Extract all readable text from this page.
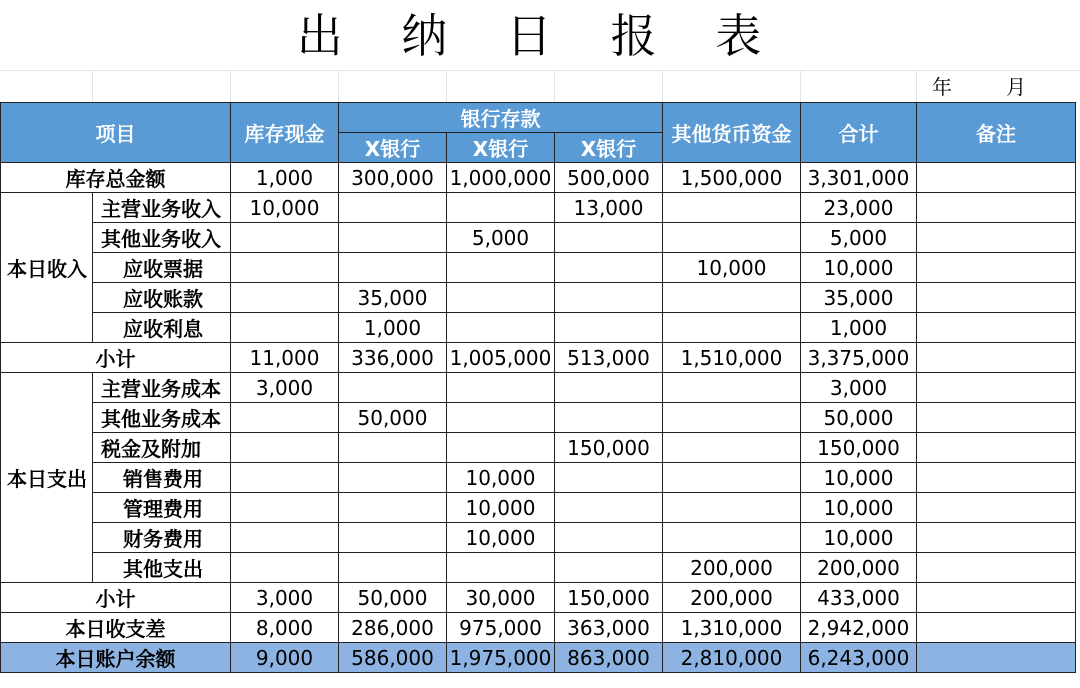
出 纳 日 报 表
年	月
项目		库存现金	银行存款			其他货币资金	合计	备注
			X银行	X银行	X银行			
库存总金额		1,000	300,000	1,000,000	500,000	1,500,000	3,301,000	
本日收入	主营业务收入	10,000			13,000		23,000	
	其他业务收入			5,000			5,000	
	应收票据					10,000	10,000	
	应收账款		35,000				35,000	
	应收利息		1,000				1,000	
小计		11,000	336,000	1,005,000	513,000	1,510,000	3,375,000	
本日支出	主营业务成本	3,000					3,000	
	其他业务成本		50,000				50,000	
	税金及附加				150,000		150,000	
	销售费用			10,000			10,000	
	管理费用			10,000			10,000	
	财务费用			10,000			10,000	
	其他支出					200,000	200,000	
小计		3,000	50,000	30,000	150,000	200,000	433,000	
本日收支差		8,000	286,000	975,000	363,000	1,310,000	2,942,000	
本日账户余额		9,000	586,000	1,975,000	863,000	2,810,000	6,243,000	
